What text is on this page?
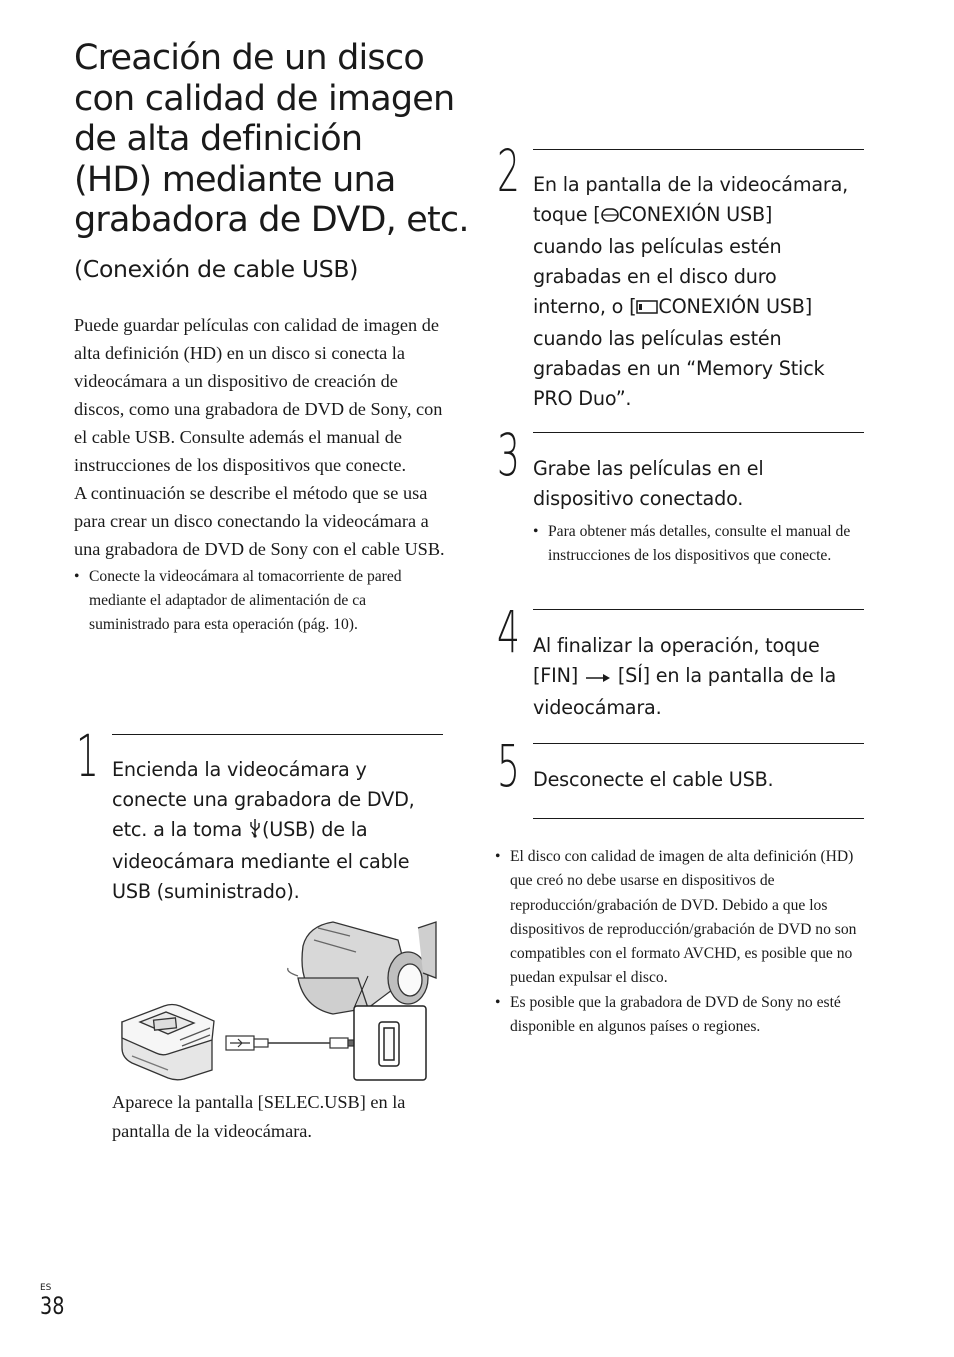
Creación de un disco
con calidad de imagen
de alta definición
(HD) mediante una
grabadora de DVD, etc.
(Conexión de cable USB)

Puede guardar películas con calidad de imagen de alta definición (HD) en un disco si conecta la videocámara a un dispositivo de creación de discos, como una grabadora de DVD de Sony, con el cable USB. Consulte además el manual de instrucciones de los dispositivos que conecte.

A continuación se describe el método que se usa para crear un disco conectando la videocámara a una grabadora de DVD de Sony con el cable USB.

• Conecte la videocámara al tomacorriente de pared mediante el adaptador de alimentación de ca suministrado para esta operación (pág. 10).
1 Encienda la videocámara y
conecte una grabadora de DVD,
etc. a la toma (USB) de la
videocámara mediante el cable
USB (suministrado).
Aparece la pantalla [SELEC.USB] en la pantalla de la videocámara.
2 En la pantalla de la videocámara,
toque [ CONEXIÓN USB]
cuando las películas estén
grabadas en el disco duro
interno, o [ CONEXIÓN USB]
cuando las películas estén
grabadas en un “Memory Stick
PRO Duo”.
3 Grabe las películas en el
dispositivo conectado.
• Para obtener más detalles, consulte el manual de instrucciones de los dispositivos que conecte.
4 Al finalizar la operación, toque
[FIN] [SÍ] en la pantalla de la
videocámara.
5 Desconecte el cable USB.
• El disco con calidad de imagen de alta definición (HD) que creó no debe usarse en dispositivos de reproducción/grabación de DVD. Debido a que los dispositivos de reproducción/grabación de DVD no son compatibles con el formato AVCHD, es posible que no puedan expulsar el disco.
• Es posible que la grabadora de DVD de Sony no esté disponible en algunos países o regiones.
ES
38
